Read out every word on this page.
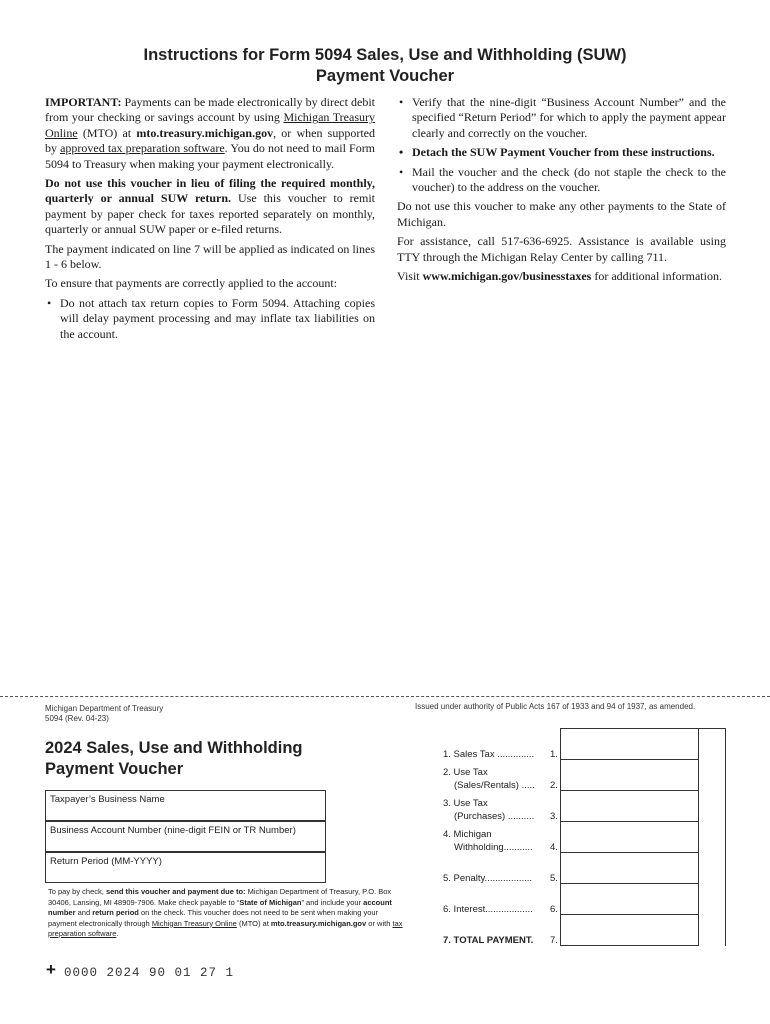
Instructions for Form 5094 Sales, Use and Withholding (SUW)
Payment Voucher

IMPORTANT: Payments can be made electronically by direct debit from your checking or savings account by using Michigan Treasury Online (MTO) at mto.treasury.michigan.gov, or when supported by approved tax preparation software. You do not need to mail Form 5094 to Treasury when making your payment electronically.

Do not use this voucher in lieu of filing the required monthly, quarterly or annual SUW return. Use this voucher to remit payment by paper check for taxes reported separately on monthly, quarterly or annual SUW paper or e-filed returns.

The payment indicated on line 7 will be applied as indicated on lines 1 - 6 below.

To ensure that payments are correctly applied to the account:

• Do not attach tax return copies to Form 5094. Attaching copies will delay payment processing and may inflate tax liabilities on the account.
• Verify that the nine-digit “Business Account Number” and the specified “Return Period” for which to apply the payment appear clearly and correctly on the voucher.
• Detach the SUW Payment Voucher from these instructions.
• Mail the voucher and the check (do not staple the check to the voucher) to the address on the voucher.

Do not use this voucher to make any other payments to the State of Michigan.

For assistance, call 517-636-6925. Assistance is available using TTY through the Michigan Relay Center by calling 711.

Visit www.michigan.gov/businesstaxes for additional information.

Michigan Department of Treasury
5094 (Rev. 04-23)
Issued under authority of Public Acts 167 of 1933 and 94 of 1937, as amended.
2024 Sales, Use and Withholding
Payment Voucher
Taxpayer’s Business Name
Business Account Number (nine-digit FEIN or TR Number)
Return Period (MM-YYYY)
To pay by check, send this voucher and payment due to: Michigan Department of Treasury, P.O. Box 30406, Lansing, MI 48909-7906. Make check payable to “State of Michigan” and include your account number and return period on the check. This voucher does not need to be sent when making your payment electronically through Michigan Treasury Online (MTO) at mto.treasury.michigan.gov or with tax preparation software.
1. Sales Tax .............. 1.
2. Use Tax
(Sales/Rentals) ..... 2.
3. Use Tax
(Purchases) .......... 3.
4. Michigan
Withholding........... 4.
5. Penalty.................. 5.
6. Interest.................. 6.
7. TOTAL PAYMENT. 7.
+ 0000 2024 90 01 27 1
